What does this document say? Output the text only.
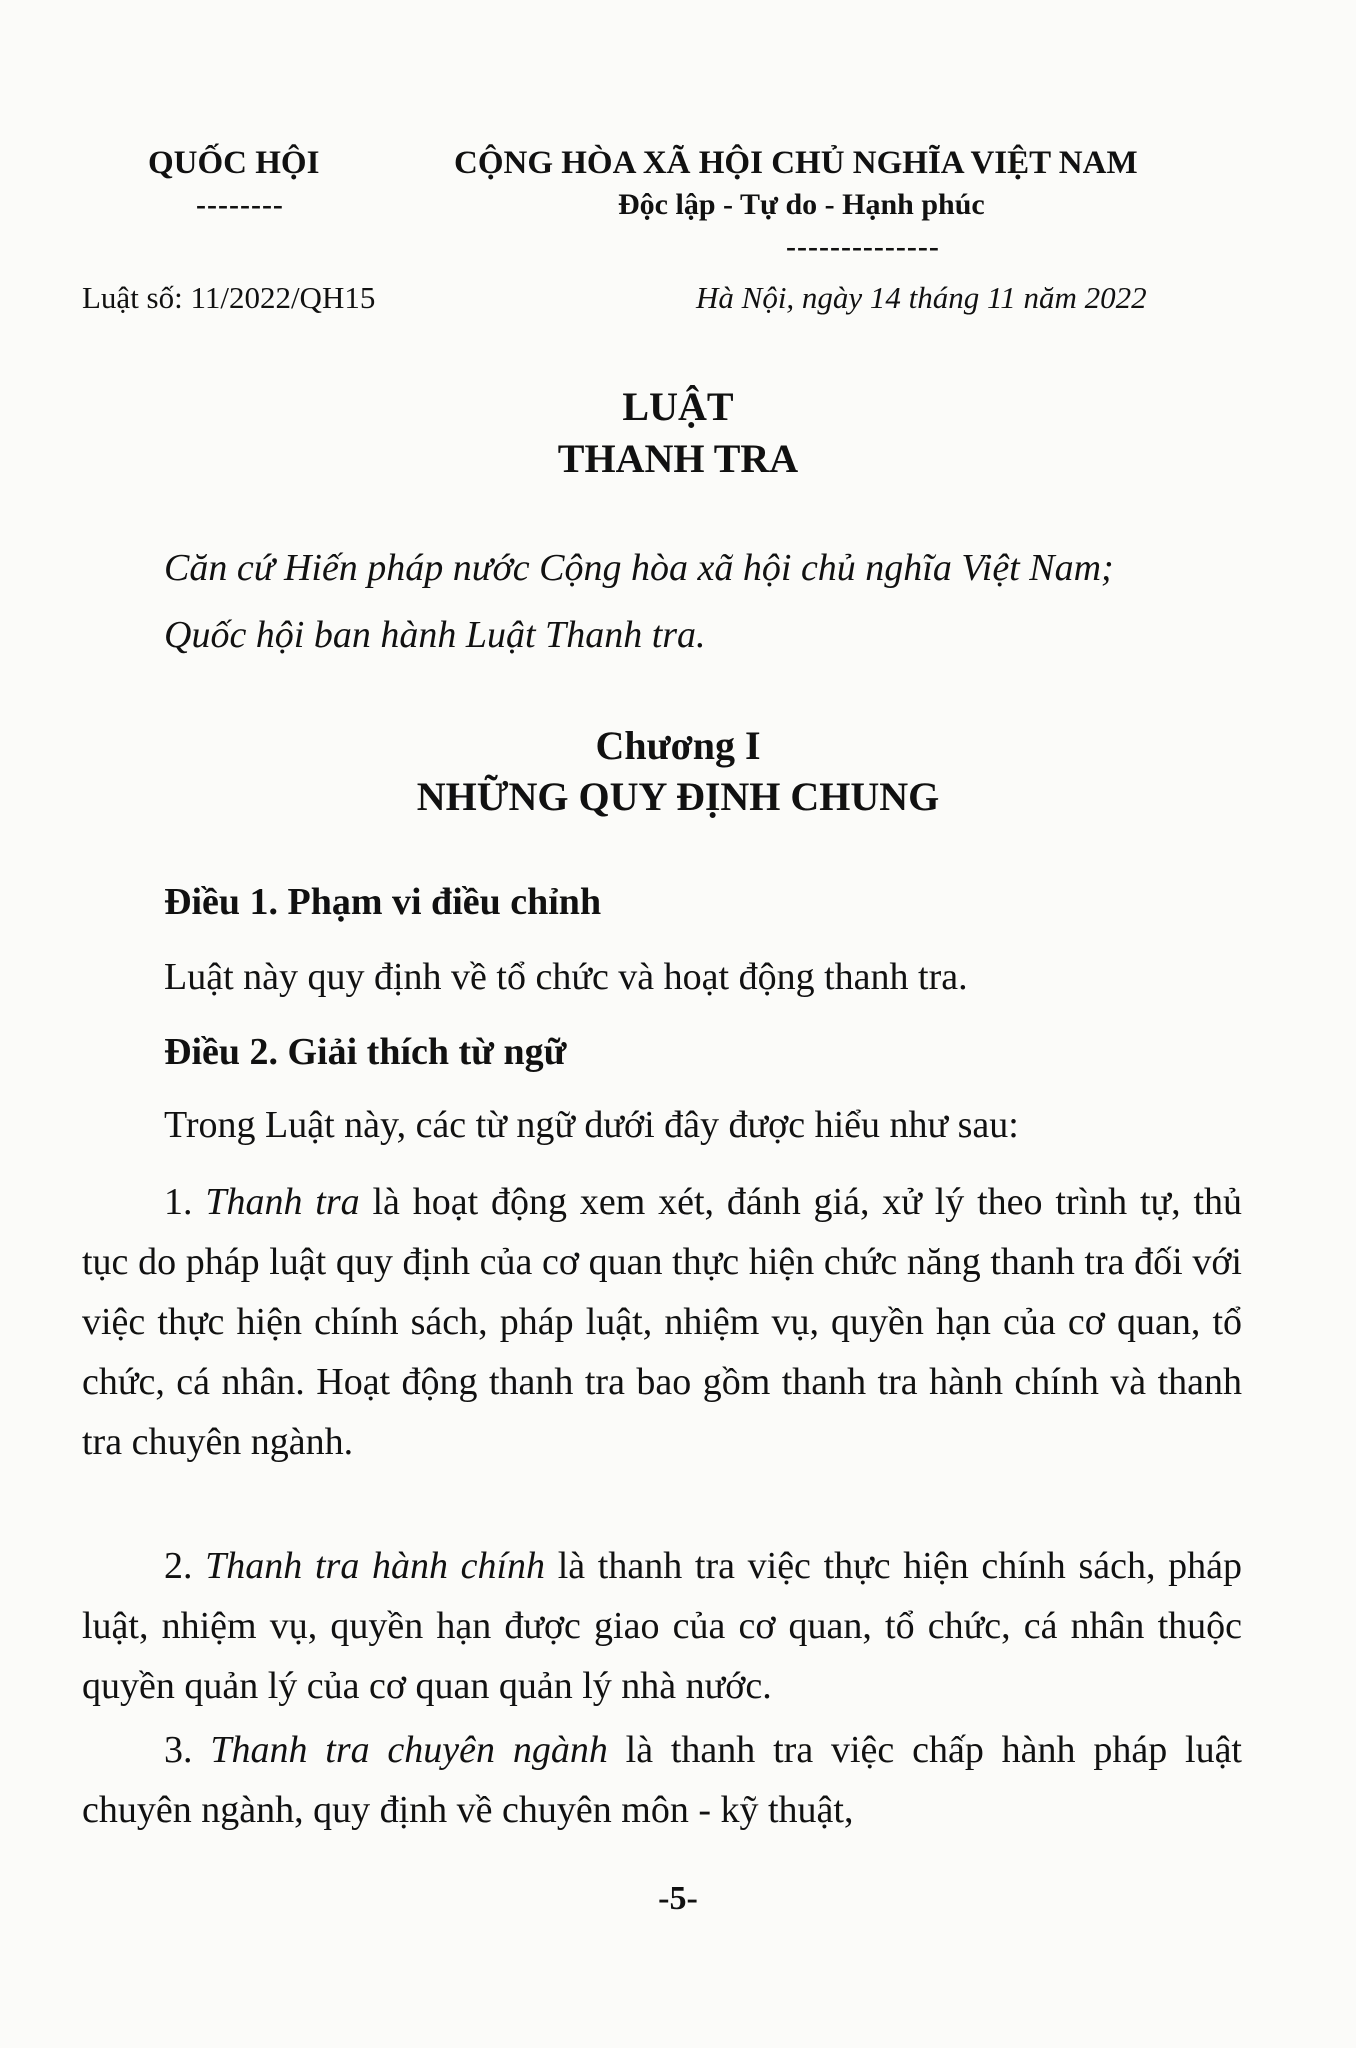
QUỐC HỘI
--------
CỘNG HÒA XÃ HỘI CHỦ NGHĨA VIỆT NAM
Độc lập - Tự do - Hạnh phúc
--------------
Luật số: 11/2022/QH15	Hà Nội, ngày 14 tháng 11 năm 2022
LUẬT
THANH TRA
Căn cứ Hiến pháp nước Cộng hòa xã hội chủ nghĩa Việt Nam;
Quốc hội ban hành Luật Thanh tra.
Chương I
NHỮNG QUY ĐỊNH CHUNG
Điều 1. Phạm vi điều chỉnh
Luật này quy định về tổ chức và hoạt động thanh tra.
Điều 2. Giải thích từ ngữ
Trong Luật này, các từ ngữ dưới đây được hiểu như sau:
1. Thanh tra là hoạt động xem xét, đánh giá, xử lý theo trình tự, thủ tục do pháp luật quy định của cơ quan thực hiện chức năng thanh tra đối với việc thực hiện chính sách, pháp luật, nhiệm vụ, quyền hạn của cơ quan, tổ chức, cá nhân. Hoạt động thanh tra bao gồm thanh tra hành chính và thanh tra chuyên ngành.
2. Thanh tra hành chính là thanh tra việc thực hiện chính sách, pháp luật, nhiệm vụ, quyền hạn được giao của cơ quan, tổ chức, cá nhân thuộc quyền quản lý của cơ quan quản lý nhà nước.
3. Thanh tra chuyên ngành là thanh tra việc chấp hành pháp luật chuyên ngành, quy định về chuyên môn - kỹ thuật,
-5-
